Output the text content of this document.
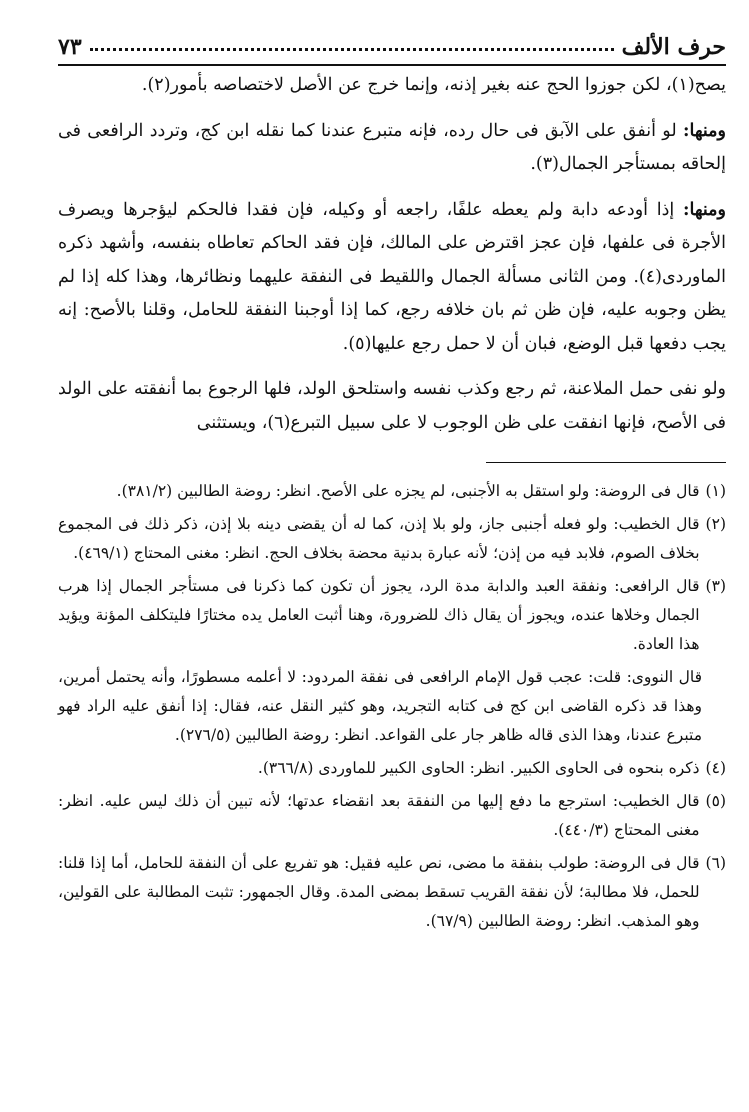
حرف الألف
٧٣

يصح(١)، لكن جوزوا الحج عنه بغير إذنه، وإنما خرج عن الأصل لاختصاصه بأمور(٢).

ومنها: لو أنفق على الآبق فى حال رده، فإنه متبرع عندنا كما نقله ابن كج، وتردد الرافعى فى إلحاقه بمستأجر الجمال(٣).

ومنها: إذا أودعه دابة ولم يعطه علفًا، راجعه أو وكيله، فإن فقدا فالحكم ليؤجرها ويصرف الأجرة فى علفها، فإن عجز اقترض على المالك، فإن فقد الحاكم تعاطاه بنفسه، وأشهد ذكره الماوردى(٤). ومن الثانى مسألة الجمال واللقيط فى النفقة عليهما ونظائرها، وهذا كله إذا لم يظن وجوبه عليه، فإن ظن ثم بان خلافه رجع، كما إذا أوجبنا النفقة للحامل، وقلنا بالأصح: إنه يجب دفعها قبل الوضع، فبان أن لا حمل رجع عليها(٥).

ولو نفى حمل الملاعنة، ثم رجع وكذب نفسه واستلحق الولد، فلها الرجوع بما أنفقته على الولد فى الأصح، فإنها انفقت على ظن الوجوب لا على سبيل التبرع(٦)، ويستثنى

(١)
قال فى الروضة: ولو استقل به الأجنبى، لم يجزه على الأصح. انظر: روضة الطالبين (٣٨١/٢).
(٢)
قال الخطيب: ولو فعله أجنبى جاز، ولو بلا إذن، كما له أن يقضى دينه بلا إذن، ذكر ذلك فى المجموع بخلاف الصوم، فلابد فيه من إذن؛ لأنه عبارة بدنية محضة بخلاف الحج. انظر: مغنى المحتاج (٤٦٩/١).
(٣)
قال الرافعى: ونفقة العبد والدابة مدة الرد، يجوز أن تكون كما ذكرنا فى مستأجر الجمال إذا هرب الجمال وخلاها عنده، ويجوز أن يقال ذاك للضرورة، وهنا أثبت العامل يده مختارًا فليتكلف المؤنة ويؤيد هذا العادة.
قال النووى: قلت: عجب قول الإمام الرافعى فى نفقة المردود: لا أعلمه مسطورًا، وأنه يحتمل أمرين، وهذا قد ذكره القاضى ابن كج فى كتابه التجريد، وهو كثير النقل عنه، فقال: إذا أنفق عليه الراد فهو متبرع عندنا، وهذا الذى قاله ظاهر جار على القواعد. انظر: روضة الطالبين (٢٧٦/٥).
(٤)
ذكره بنحوه فى الحاوى الكبير. انظر: الحاوى الكبير للماوردى (٣٦٦/٨).
(٥)
قال الخطيب: استرجع ما دفع إليها من النفقة بعد انقضاء عدتها؛ لأنه تبين أن ذلك ليس عليه. انظر: مغنى المحتاج (٤٤٠/٣).
(٦)
قال فى الروضة: طولب بنفقة ما مضى، نص عليه فقيل: هو تفريع على أن النفقة للحامل، أما إذا قلنا: للحمل، فلا مطالبة؛ لأن نفقة القريب تسقط بمضى المدة. وقال الجمهور: تثبت المطالبة على القولين، وهو المذهب. انظر: روضة الطالبين (٦٧/٩).
